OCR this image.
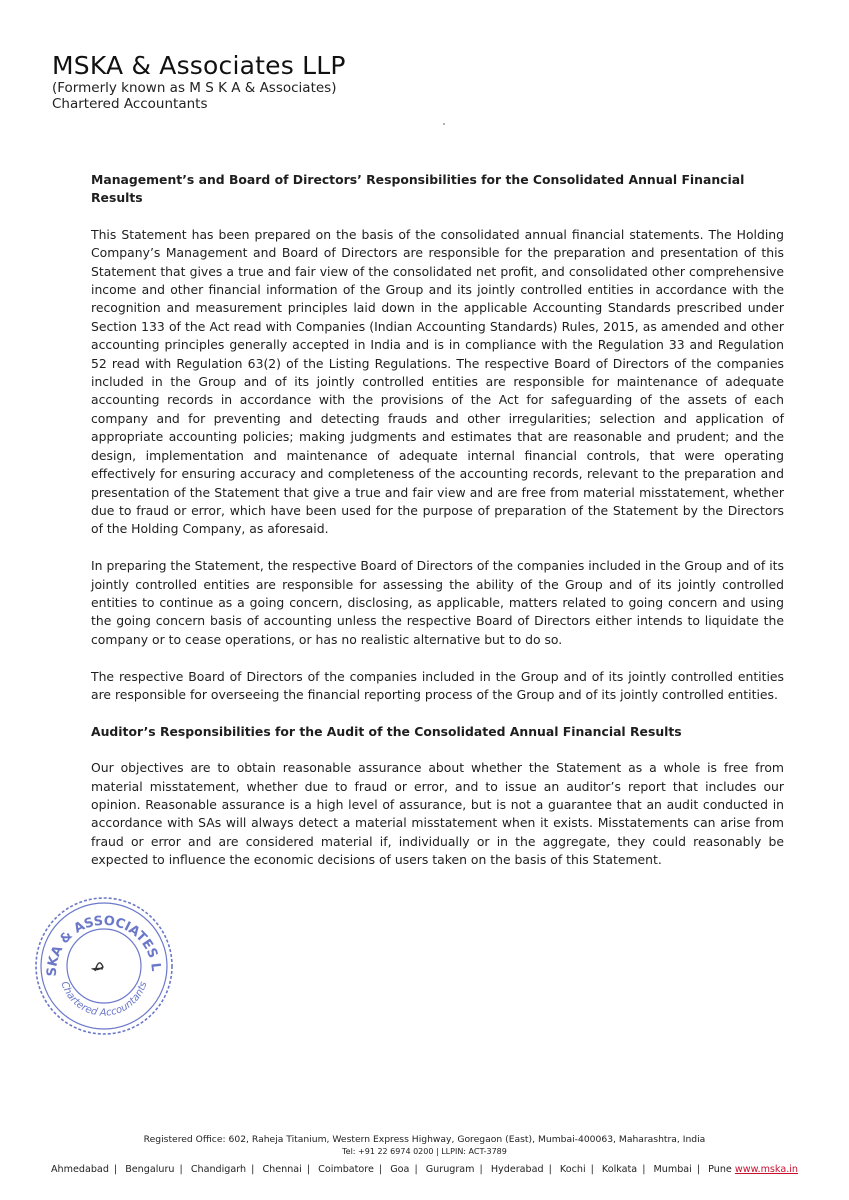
MSKA & Associates LLP

(Formerly known as M S K A & Associates)

Chartered Accountants

Management’s and Board of Directors’ Responsibilities for the Consolidated Annual Financial Results

This Statement has been prepared on the basis of the consolidated annual financial statements. The Holding Company’s Management and Board of Directors are responsible for the preparation and presentation of this Statement that gives a true and fair view of the consolidated net profit, and consolidated other comprehensive income and other financial information of the Group and its jointly controlled entities in accordance with the recognition and measurement principles laid down in the applicable Accounting Standards prescribed under Section 133 of the Act read with Companies (Indian Accounting Standards) Rules, 2015, as amended and other accounting principles generally accepted in India and is in compliance with the Regulation 33 and Regulation 52 read with Regulation 63(2) of the Listing Regulations. The respective Board of Directors of the companies included in the Group and of its jointly controlled entities are responsible for maintenance of adequate accounting records in accordance with the provisions of the Act for safeguarding of the assets of each company and for preventing and detecting frauds and other irregularities; selection and application of appropriate accounting policies; making judgments and estimates that are reasonable and prudent; and the design, implementation and maintenance of adequate internal financial controls, that were operating effectively for ensuring accuracy and completeness of the accounting records, relevant to the preparation and presentation of the Statement that give a true and fair view and are free from material misstatement, whether due to fraud or error, which have been used for the purpose of preparation of the Statement by the Directors of the Holding Company, as aforesaid.

In preparing the Statement, the respective Board of Directors of the companies included in the Group and of its jointly controlled entities are responsible for assessing the ability of the Group and of its jointly controlled entities to continue as a going concern, disclosing, as applicable, matters related to going concern and using the going concern basis of accounting unless the respective Board of Directors either intends to liquidate the company or to cease operations, or has no realistic alternative but to do so.

The respective Board of Directors of the companies included in the Group and of its jointly controlled entities are responsible for overseeing the financial reporting process of the Group and of its jointly controlled entities.

Auditor’s Responsibilities for the Audit of the Consolidated Annual Financial Results

Our objectives are to obtain reasonable assurance about whether the Statement as a whole is free from material misstatement, whether due to fraud or error, and to issue an auditor’s report that includes our opinion. Reasonable assurance is a high level of assurance, but is not a guarantee that an audit conducted in accordance with SAs will always detect a material misstatement when it exists. Misstatements can arise from fraud or error and are considered material if, individually or in the aggregate, they could reasonably be expected to influence the economic decisions of users taken on the basis of this Statement.

SKA & ASSOCIATES L
Chartered Accountants

Registered Office: 602, Raheja Titanium, Western Express Highway, Goregaon (East), Mumbai-400063, Maharashtra, India

Tel: +91 22 6974 0200 | LLPIN: ACT-3789

Ahmedabad | Bengaluru | Chandigarh | Chennai | Coimbatore | Goa | Gurugram | Hyderabad | Kochi | Kolkata | Mumbai | Pune www.mska.in
